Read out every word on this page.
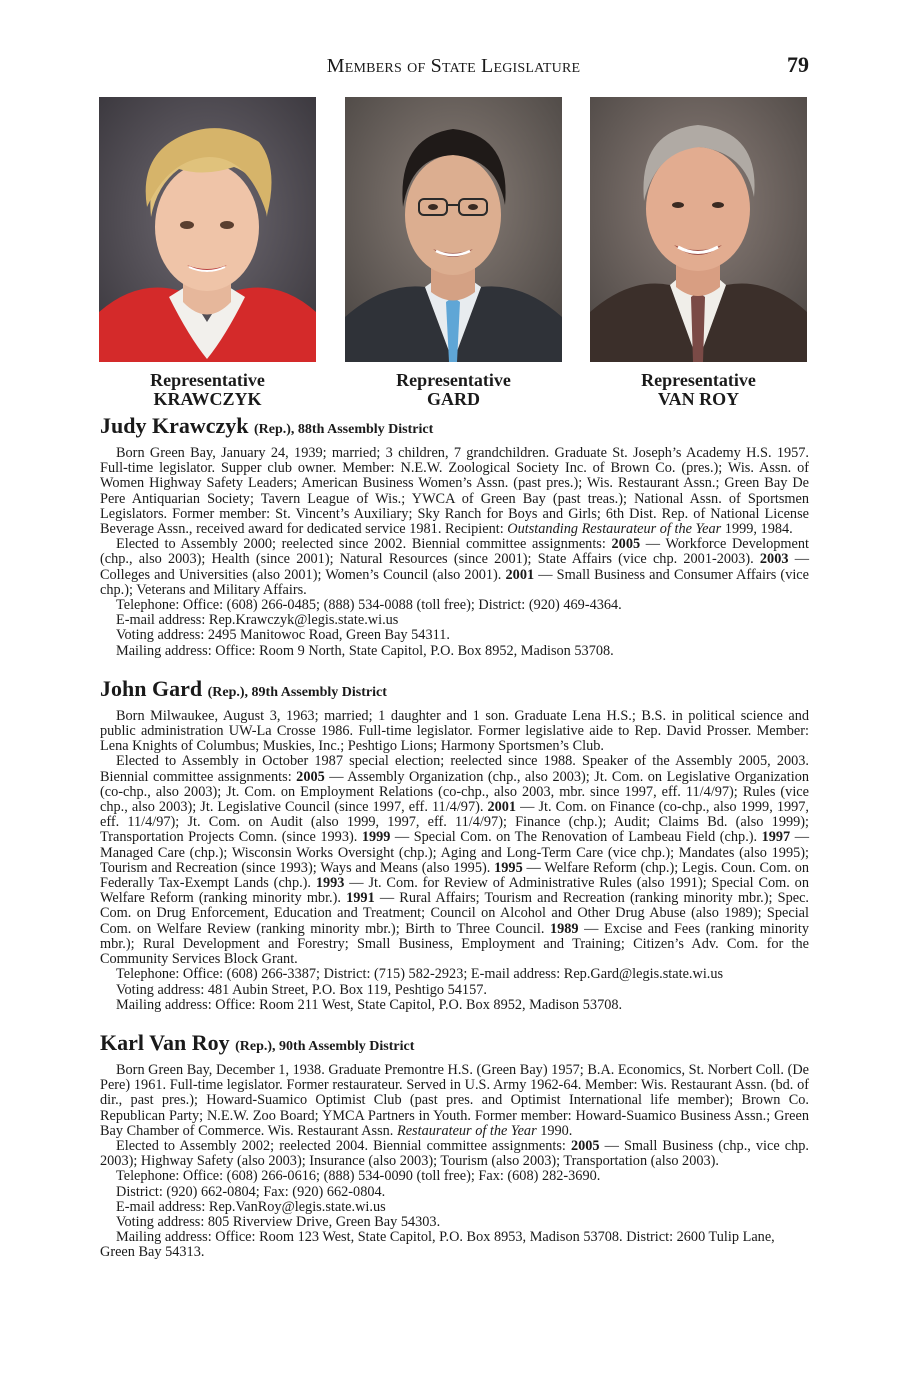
Members of State Legislature	79
Representative
KRAWCZYK
Representative
GARD
Representative
VAN ROY
Judy Krawczyk (Rep.), 88th Assembly District

Born Green Bay, January 24, 1939; married; 3 children, 7 grandchildren. Graduate St. Joseph’s Academy H.S. 1957. Full-time legislator. Supper club owner. Member: N.E.W. Zoological Society Inc. of Brown Co. (pres.); Wis. Assn. of Women Highway Safety Leaders; American Business Women’s Assn. (past pres.); Wis. Restaurant Assn.; Green Bay De Pere Antiquarian Society; Tavern League of Wis.; YWCA of Green Bay (past treas.); National Assn. of Sportsmen Legislators. Former member: St. Vincent’s Auxiliary; Sky Ranch for Boys and Girls; 6th Dist. Rep. of National License Beverage Assn., received award for dedicated service 1981. Recipient: Outstanding Restaurateur of the Year 1999, 1984.

Elected to Assembly 2000; reelected since 2002. Biennial committee assignments: 2005 — Workforce Development (chp., also 2003); Health (since 2001); Natural Resources (since 2001); State Affairs (vice chp. 2001-2003). 2003 — Colleges and Universities (also 2001); Women’s Council (also 2001). 2001 — Small Business and Consumer Affairs (vice chp.); Veterans and Military Affairs.

Telephone: Office: (608) 266-0485; (888) 534-0088 (toll free); District: (920) 469-4364.

E-mail address: Rep.Krawczyk@legis.state.wi.us

Voting address: 2495 Manitowoc Road, Green Bay 54311.

Mailing address: Office: Room 9 North, State Capitol, P.O. Box 8952, Madison 53708.

John Gard (Rep.), 89th Assembly District

Born Milwaukee, August 3, 1963; married; 1 daughter and 1 son. Graduate Lena H.S.; B.S. in political science and public administration UW-La Crosse 1986. Full-time legislator. Former legislative aide to Rep. David Prosser. Member: Lena Knights of Columbus; Muskies, Inc.; Peshtigo Lions; Harmony Sportsmen’s Club.

Elected to Assembly in October 1987 special election; reelected since 1988. Speaker of the Assembly 2005, 2003. Biennial committee assignments: 2005 — Assembly Organization (chp., also 2003); Jt. Com. on Legislative Organization (co-chp., also 2003); Jt. Com. on Employment Relations (co-chp., also 2003, mbr. since 1997, eff. 11/4/97); Rules (vice chp., also 2003); Jt. Legislative Council (since 1997, eff. 11/4/97). 2001 — Jt. Com. on Finance (co-chp., also 1999, 1997, eff. 11/4/97); Jt. Com. on Audit (also 1999, 1997, eff. 11/4/97); Finance (chp.); Audit; Claims Bd. (also 1999); Transportation Projects Comn. (since 1993). 1999 — Special Com. on The Renovation of Lambeau Field (chp.). 1997 — Managed Care (chp.); Wisconsin Works Oversight (chp.); Aging and Long-Term Care (vice chp.); Mandates (also 1995); Tourism and Recreation (since 1993); Ways and Means (also 1995). 1995 — Welfare Reform (chp.); Legis. Coun. Com. on Federally Tax-Exempt Lands (chp.). 1993 — Jt. Com. for Review of Administrative Rules (also 1991); Special Com. on Welfare Reform (ranking minority mbr.). 1991 — Rural Affairs; Tourism and Recreation (ranking minority mbr.); Spec. Com. on Drug Enforcement, Education and Treatment; Council on Alcohol and Other Drug Abuse (also 1989); Special Com. on Welfare Review (ranking minority mbr.); Birth to Three Council. 1989 — Excise and Fees (ranking minority mbr.); Rural Development and Forestry; Small Business, Employment and Training; Citizen’s Adv. Com. for the Community Services Block Grant.

Telephone: Office: (608) 266-3387; District: (715) 582-2923; E-mail address: Rep.Gard@legis.state.wi.us

Voting address: 481 Aubin Street, P.O. Box 119, Peshtigo 54157.

Mailing address: Office: Room 211 West, State Capitol, P.O. Box 8952, Madison 53708.

Karl Van Roy (Rep.), 90th Assembly District

Born Green Bay, December 1, 1938. Graduate Premontre H.S. (Green Bay) 1957; B.A. Economics, St. Norbert Coll. (De Pere) 1961. Full-time legislator. Former restaurateur. Served in U.S. Army 1962-64. Member: Wis. Restaurant Assn. (bd. of dir., past pres.); Howard-Suamico Optimist Club (past pres. and Optimist International life member); Brown Co. Republican Party; N.E.W. Zoo Board; YMCA Partners in Youth. Former member: Howard-Suamico Business Assn.; Green Bay Chamber of Commerce. Wis. Restaurant Assn. Restaurateur of the Year 1990.

Elected to Assembly 2002; reelected 2004. Biennial committee assignments: 2005 — Small Business (chp., vice chp. 2003); Highway Safety (also 2003); Insurance (also 2003); Tourism (also 2003); Transportation (also 2003).

Telephone: Office: (608) 266-0616; (888) 534-0090 (toll free); Fax: (608) 282-3690.

District: (920) 662-0804; Fax: (920) 662-0804.

E-mail address: Rep.VanRoy@legis.state.wi.us

Voting address: 805 Riverview Drive, Green Bay 54303.

Mailing address: Office: Room 123 West, State Capitol, P.O. Box 8953, Madison 53708. District: 2600 Tulip Lane, Green Bay 54313.
